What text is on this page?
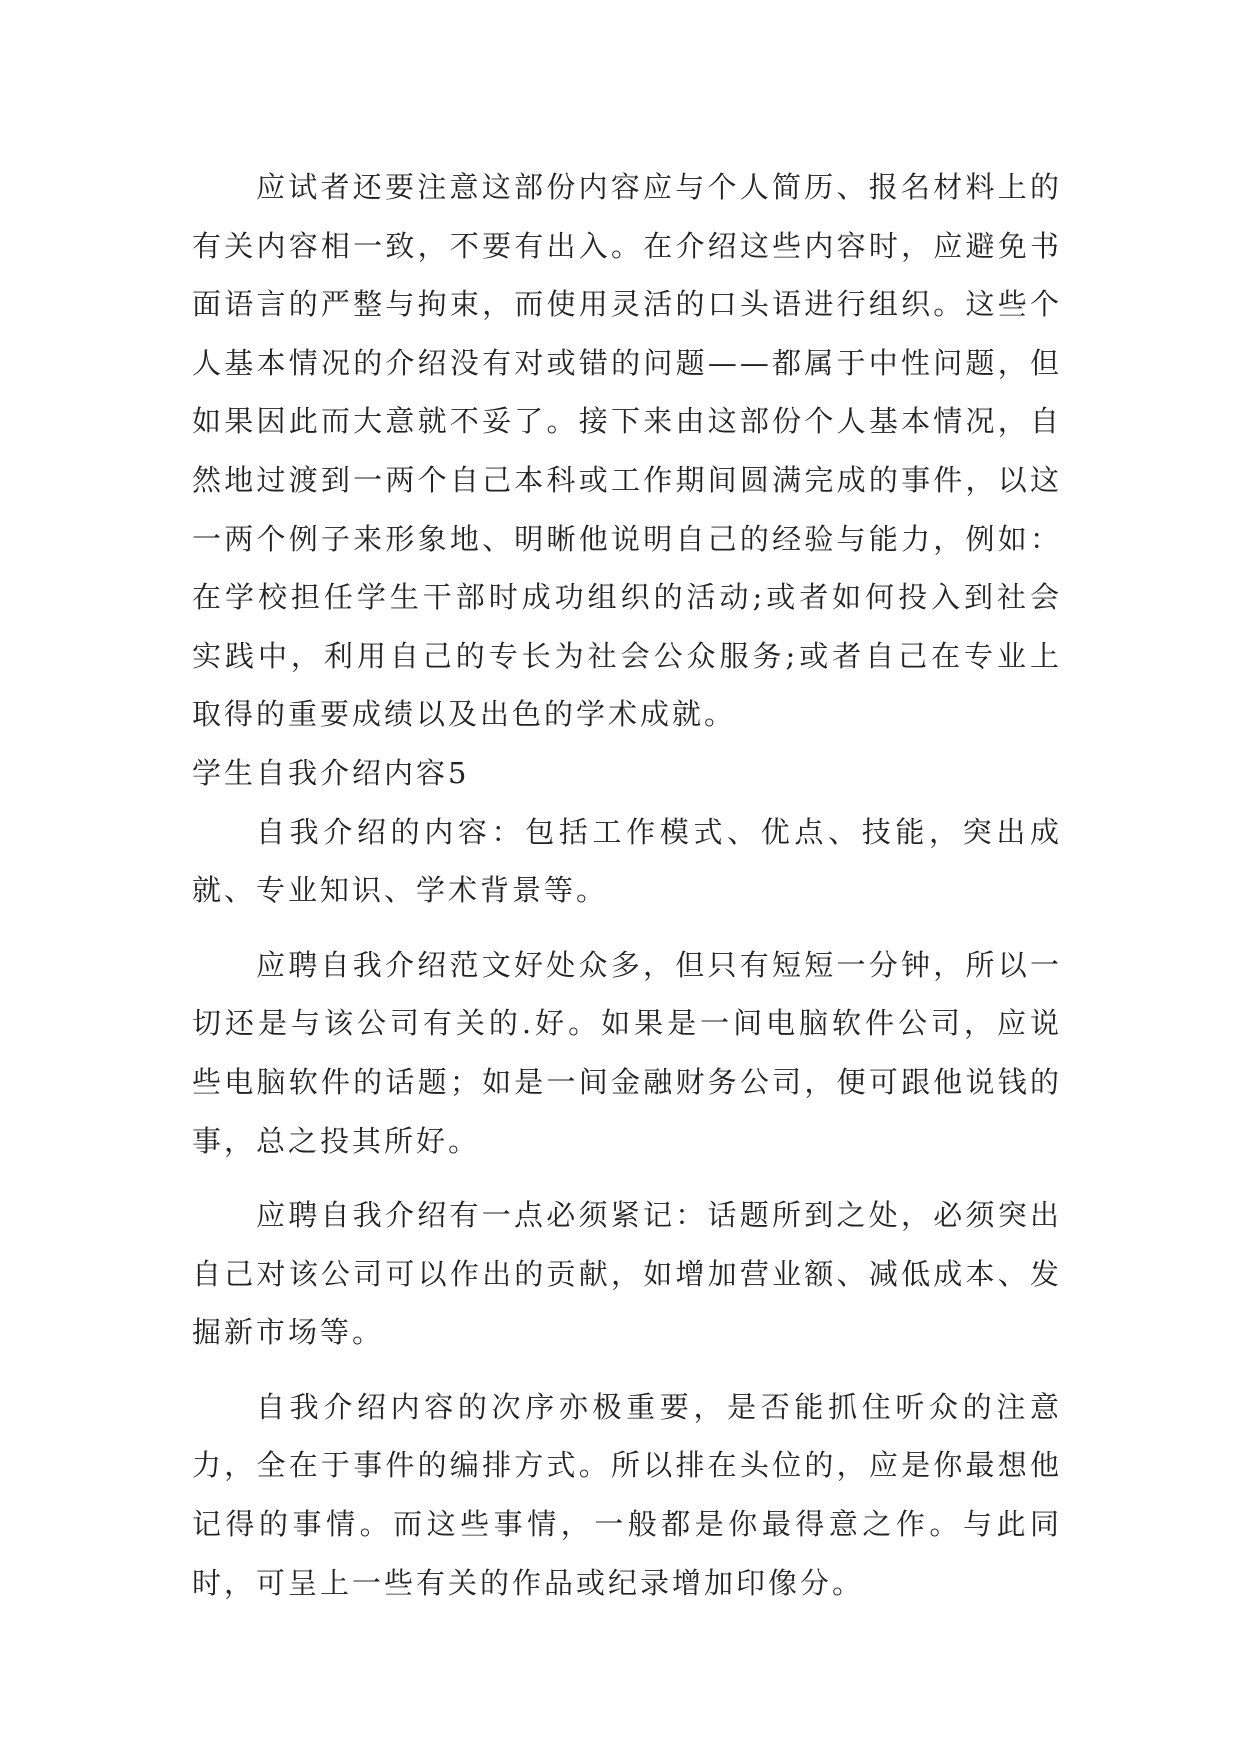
应试者还要注意这部份内容应与个人简历、报名材料上的有关内容相一致，不要有出入。在介绍这些内容时，应避免书面语言的严整与拘束，而使用灵活的口头语进行组织。这些个人基本情况的介绍没有对或错的问题——都属于中性问题，但如果因此而大意就不妥了。接下来由这部份个人基本情况，自然地过渡到一两个自己本科或工作期间圆满完成的事件，以这一两个例子来形象地、明晰他说明自己的经验与能力，例如：在学校担任学生干部时成功组织的活动;或者如何投入到社会实践中，利用自己的专长为社会公众服务;或者自己在专业上取得的重要成绩以及出色的学术成就。

学生自我介绍内容5

自我介绍的内容：包括工作模式、优点、技能，突出成就、专业知识、学术背景等。

应聘自我介绍范文好处众多，但只有短短一分钟，所以一切还是与该公司有关的.好。如果是一间电脑软件公司，应说些电脑软件的话题；如是一间金融财务公司，便可跟他说钱的事，总之投其所好。

应聘自我介绍有一点必须紧记：话题所到之处，必须突出自己对该公司可以作出的贡献，如增加营业额、减低成本、发掘新市场等。

自我介绍内容的次序亦极重要，是否能抓住听众的注意力，全在于事件的编排方式。所以排在头位的，应是你最想他记得的事情。而这些事情，一般都是你最得意之作。与此同时，可呈上一些有关的作品或纪录增加印像分。
